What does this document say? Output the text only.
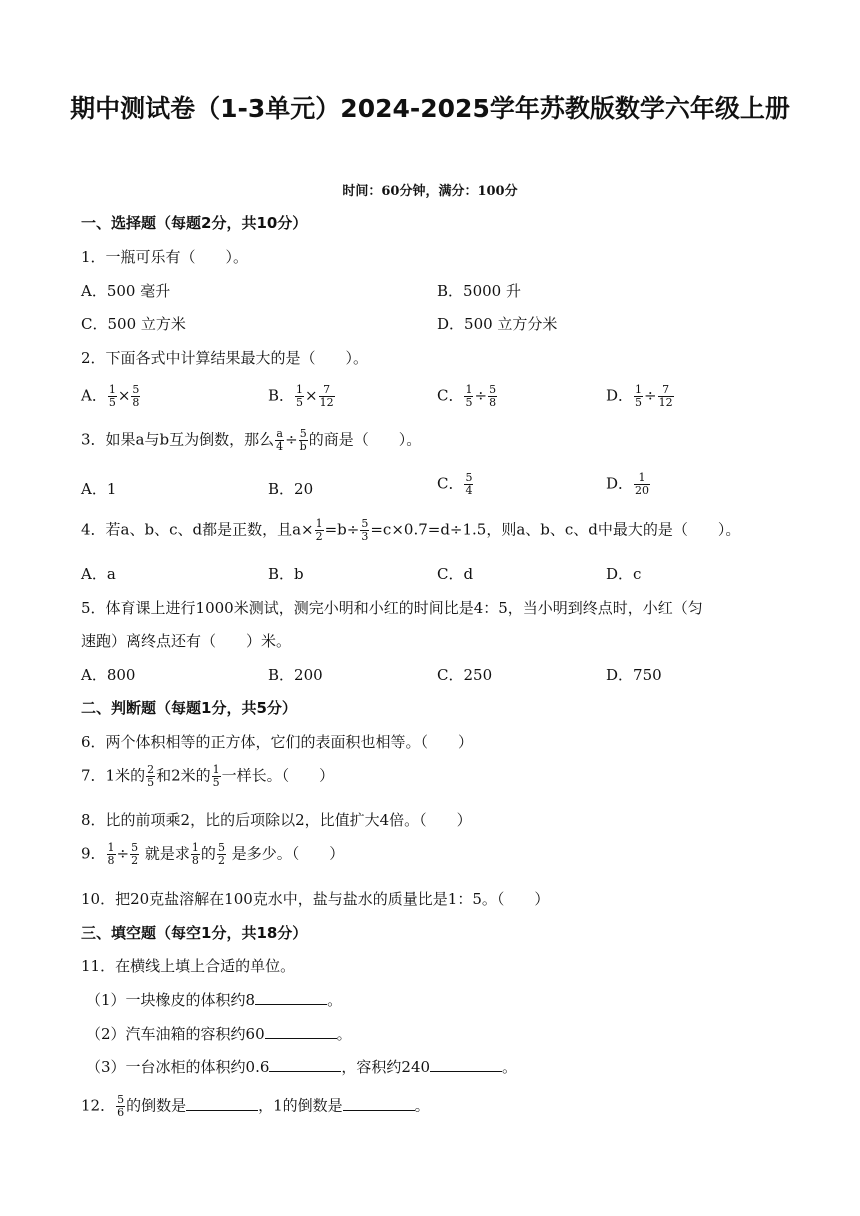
期中测试卷（1-3单元）2024-2025学年苏教版数学六年级上册
时间：60分钟，满分：100分
一、选择题（每题2分，共10分）
1．一瓶可乐有（　　）。
A．500 毫升	B．5000 升
C．500 立方米	D．500 立方分米
2．下面各式中计算结果最大的是（　　）。
A． $\frac{1}{5} \times \frac{5}{8}$	B． $\frac{1}{5} \times \frac{7}{12}$	C． $\frac{1}{5} \div \frac{5}{8}$	D． $\frac{1}{5} \div \frac{7}{12}$
3．如果a与b互为倒数，那么 $\frac{a}{4} \div \frac{5}{b}$ 的商是（　　）。
A．1	B．20	C． $\frac{5}{4}$	D． $\frac{1}{20}$
4．若a、b、c、d都是正数，且$a\times \frac{1}{2} =b\div \frac{5}{3} =c\times 0.7=d\div 1.5$，则a、b、c、d中最大的是（　　）。
A．a	B．b	C．d	D．c
5．体育课上进行1000米测试，测完小明和小红的时间比是4：5，当小明到终点时，小红（匀
速跑）离终点还有（　　）米。
A．800	B．200	C．250	D．750
二、判断题（每题1分，共5分）
6．两个体积相等的正方体，它们的表面积也相等。（　　）
7．1米的 $\frac{2}{5}$ 和2米的 $\frac{1}{5}$ 一样长。（　　）
8．比的前项乘2，比的后项除以2，比值扩大4倍。（　　）
9． $\frac{1}{8} \div \frac{5}{2}$ 就是求 $\frac{1}{8}$ 的 $\frac{5}{2}$ 是多少。（　　）
10．把20克盐溶解在100克水中，盐与盐水的质量比是1：5。（　　）
三、填空题（每空1分，共18分）
11．在横线上填上合适的单位。
（1）一块橡皮的体积约8	。
（2）汽车油箱的容积约60	。
（3）一台冰柜的体积约0.6	，容积约240	。
12． $\frac{5}{6}$ 的倒数是	，1的倒数是	。
